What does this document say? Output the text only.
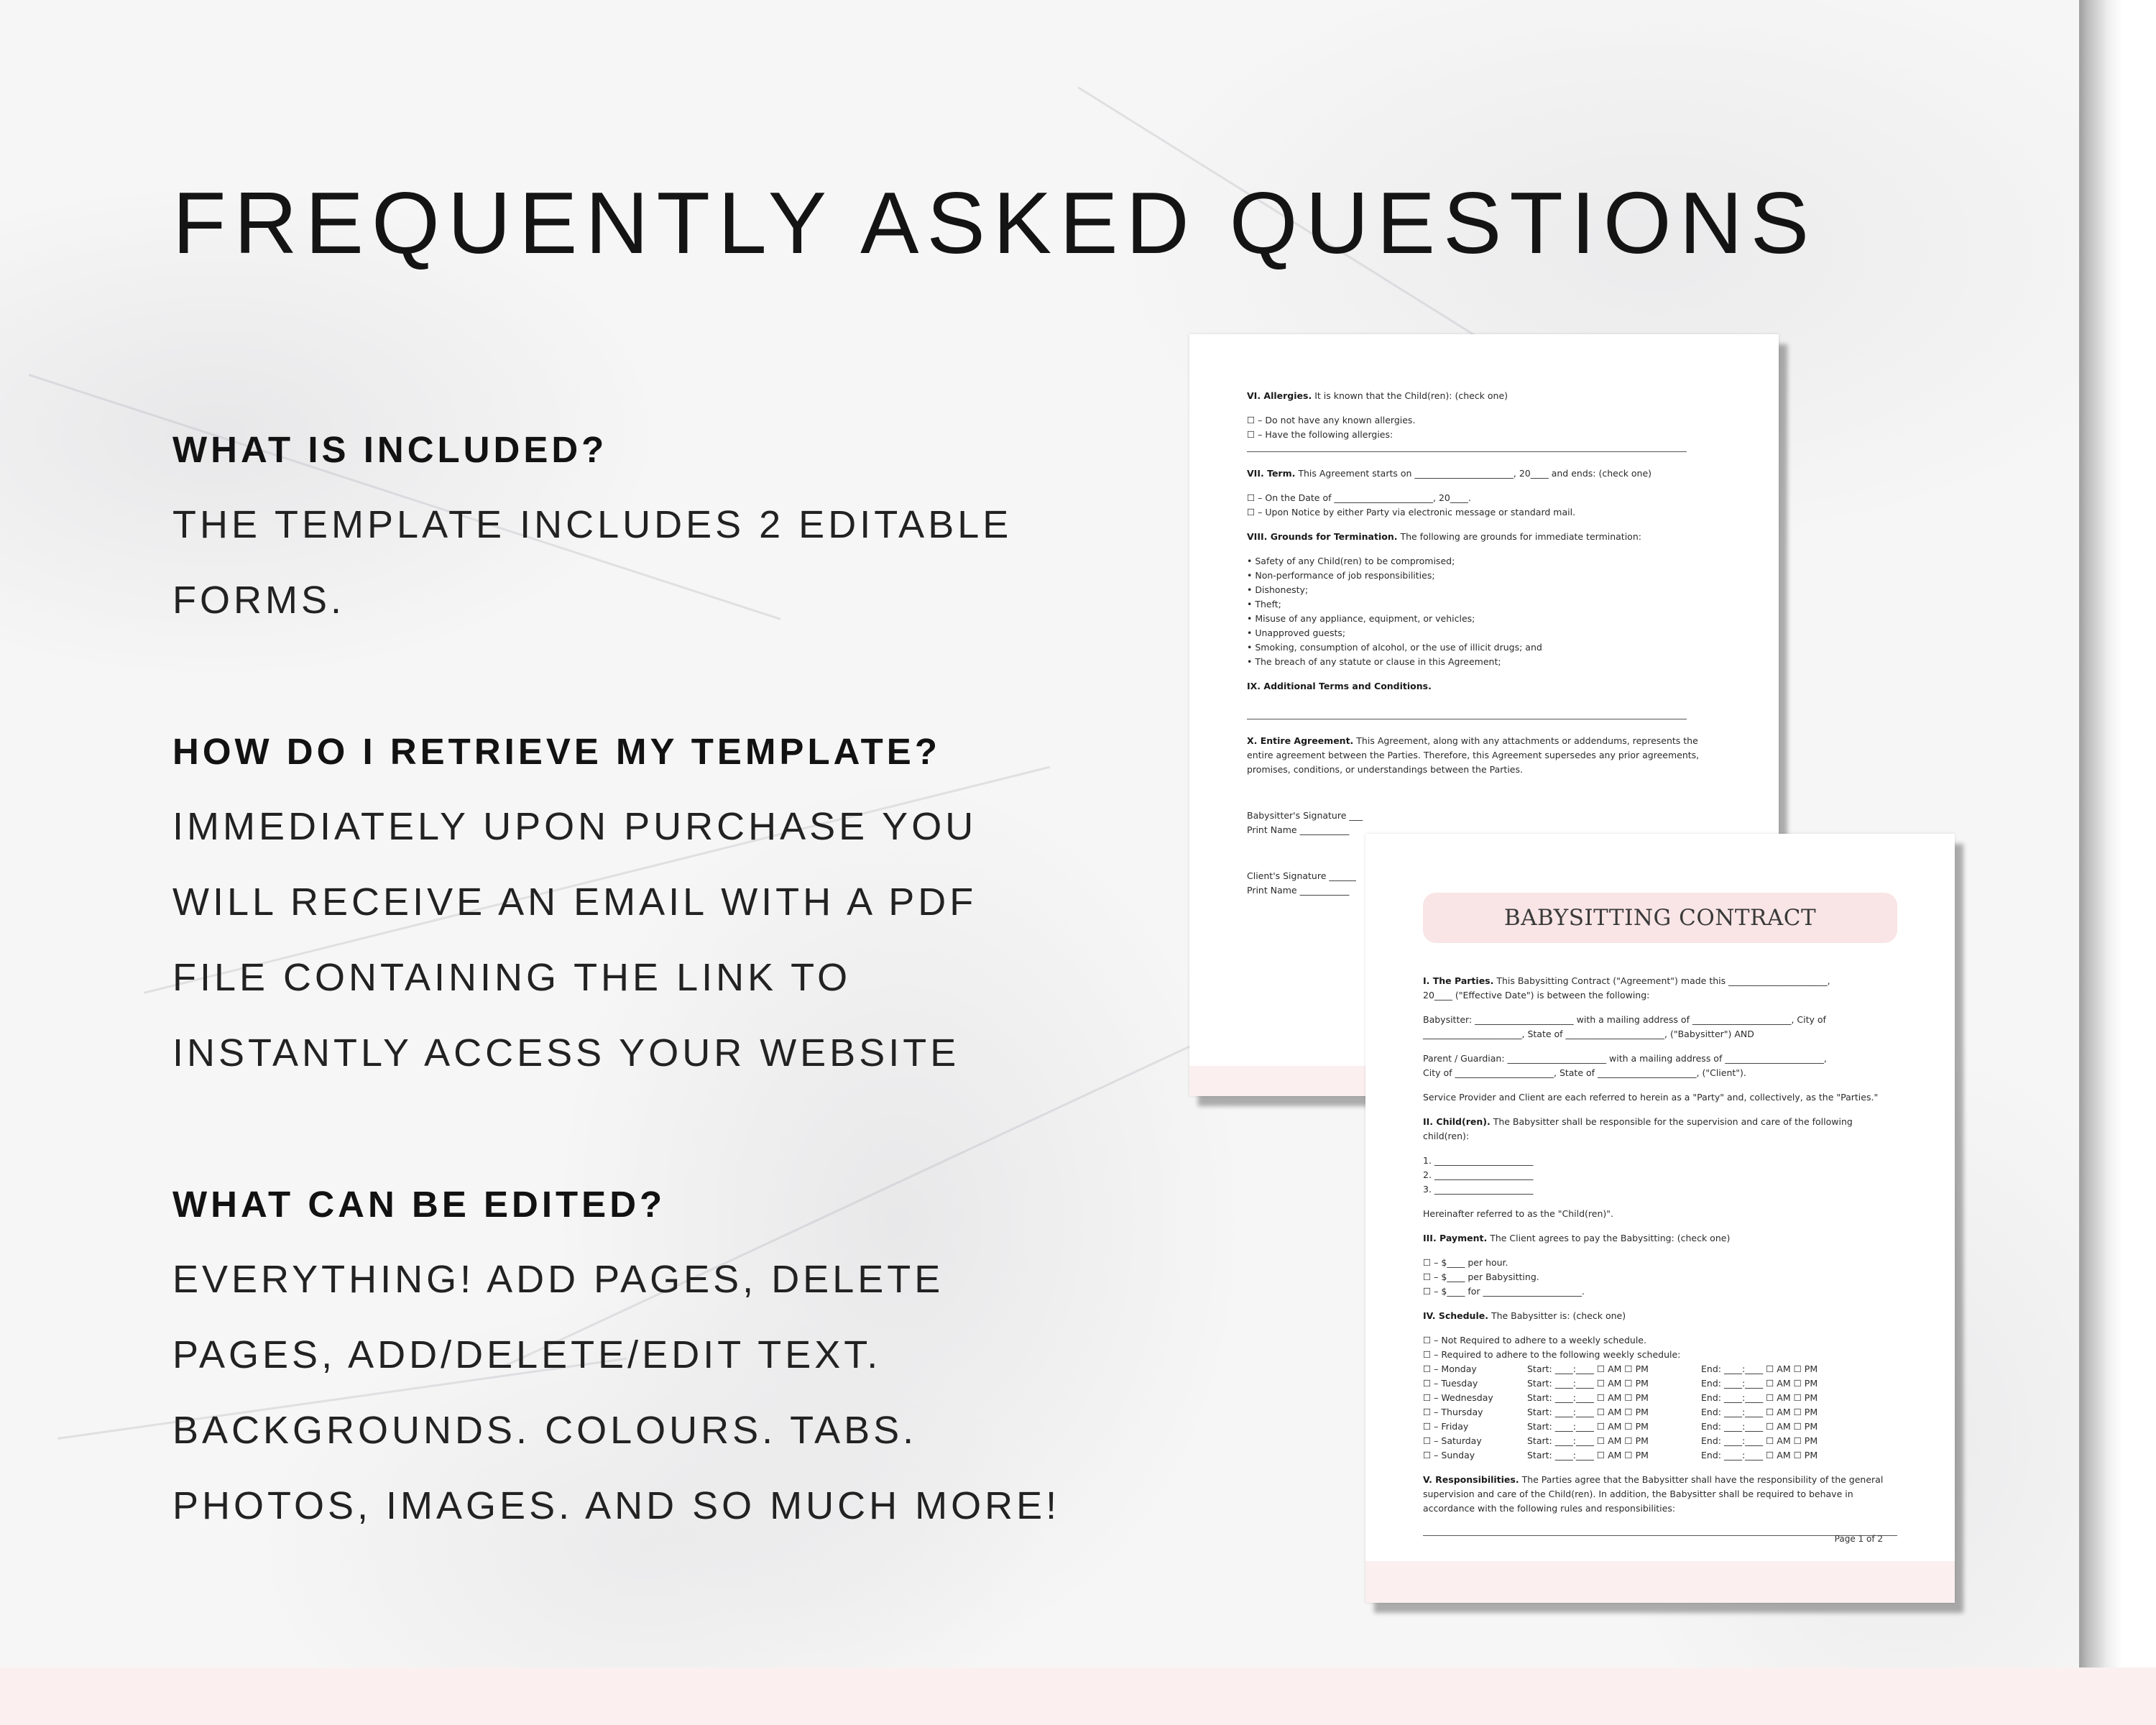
FREQUENTLY ASKED QUESTIONS
WHAT IS INCLUDED?
THE TEMPLATE INCLUDES 2 EDITABLE
FORMS.
HOW DO I RETRIEVE MY TEMPLATE?
IMMEDIATELY UPON PURCHASE YOU
WILL RECEIVE AN EMAIL WITH A PDF
FILE CONTAINING THE LINK TO
INSTANTLY ACCESS YOUR WEBSITE
WHAT CAN BE EDITED?
EVERYTHING! ADD PAGES, DELETE
PAGES, ADD/DELETE/EDIT TEXT.
BACKGROUNDS. COLOURS. TABS.
PHOTOS, IMAGES. AND SO MUCH MORE!
VI. Allergies. It is known that the Child(ren): (check one)
☐ – Do not have any known allergies.
☐ – Have the following allergies:
VII. Term. This Agreement starts on ______________________, 20____ and ends: (check one)
☐ – On the Date of ______________________, 20____.
☐ – Upon Notice by either Party via electronic message or standard mail.
VIII. Grounds for Termination. The following are grounds for immediate termination:
• Safety of any Child(ren) to be compromised;
• Non-performance of job responsibilities;
• Dishonesty;
• Theft;
• Misuse of any appliance, equipment, or vehicles;
• Unapproved guests;
• Smoking, consumption of alcohol, or the use of illicit drugs; and
• The breach of any statute or clause in this Agreement;
IX. Additional Terms and Conditions.
X. Entire Agreement. This Agreement, along with any attachments or addendums, represents the
entire agreement between the Parties. Therefore, this Agreement supersedes any prior agreements,
promises, conditions, or understandings between the Parties.
Babysitter's Signature ___
Print Name ___________
Client's Signature ______
Print Name ___________
BABYSITTING CONTRACT
I. The Parties. This Babysitting Contract ("Agreement") made this ______________________,
20____ ("Effective Date") is between the following:
Babysitter: ______________________ with a mailing address of ______________________, City of
______________________, State of ______________________, ("Babysitter") AND
Parent / Guardian: ______________________ with a mailing address of ______________________,
City of ______________________, State of ______________________, ("Client").
Service Provider and Client are each referred to herein as a "Party" and, collectively, as the "Parties."
II. Child(ren). The Babysitter shall be responsible for the supervision and care of the following
child(ren):
1. ______________________
2. ______________________
3. ______________________
Hereinafter referred to as the "Child(ren)".
III. Payment. The Client agrees to pay the Babysitting: (check one)
☐ – $____ per hour.
☐ – $____ per Babysitting.
☐ – $____ for ______________________.
IV. Schedule. The Babysitter is: (check one)
☐ – Not Required to adhere to a weekly schedule.
☐ – Required to adhere to the following weekly schedule:
☐ – Monday	Start: ____:____ ☐ AM ☐ PM	End: ____:____ ☐ AM ☐ PM
☐ – Tuesday	Start: ____:____ ☐ AM ☐ PM	End: ____:____ ☐ AM ☐ PM
☐ – Wednesday	Start: ____:____ ☐ AM ☐ PM	End: ____:____ ☐ AM ☐ PM
☐ – Thursday	Start: ____:____ ☐ AM ☐ PM	End: ____:____ ☐ AM ☐ PM
☐ – Friday	Start: ____:____ ☐ AM ☐ PM	End: ____:____ ☐ AM ☐ PM
☐ – Saturday	Start: ____:____ ☐ AM ☐ PM	End: ____:____ ☐ AM ☐ PM
☐ – Sunday	Start: ____:____ ☐ AM ☐ PM	End: ____:____ ☐ AM ☐ PM
V. Responsibilities. The Parties agree that the Babysitter shall have the responsibility of the general
supervision and care of the Child(ren). In addition, the Babysitter shall be required to behave in
accordance with the following rules and responsibilities:
Page 1 of 2
